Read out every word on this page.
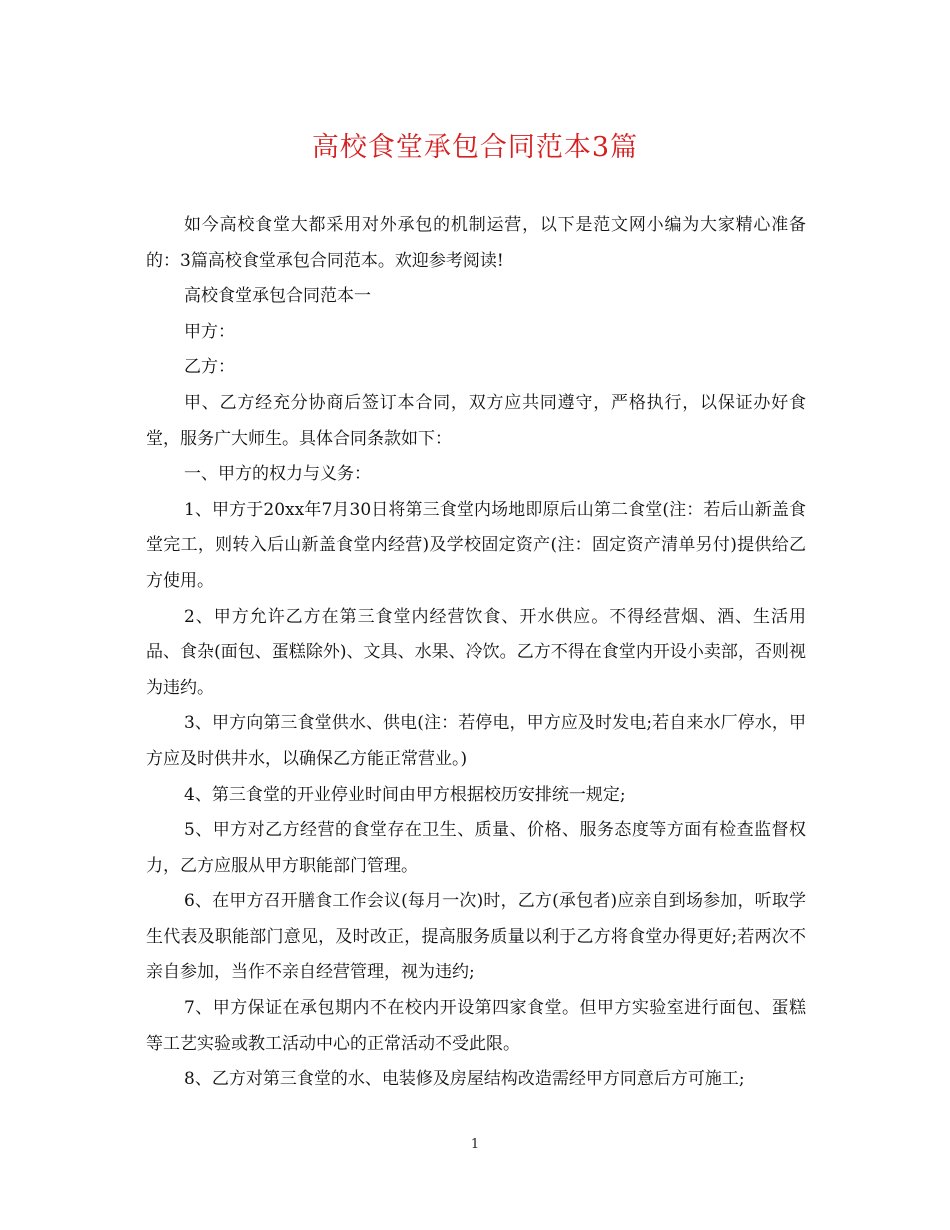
高校食堂承包合同范本3篇

如今高校食堂大都采用对外承包的机制运营，以下是范文网小编为大家精心准备的：3篇高校食堂承包合同范本。欢迎参考阅读!

高校食堂承包合同范本一

甲方：

乙方：

甲、乙方经充分协商后签订本合同，双方应共同遵守，严格执行，以保证办好食堂，服务广大师生。具体合同条款如下：

一、甲方的权力与义务：

1、甲方于20xx年7月30日将第三食堂内场地即原后山第二食堂(注：若后山新盖食堂完工，则转入后山新盖食堂内经营)及学校固定资产(注：固定资产清单另付)提供给乙方使用。

2、甲方允许乙方在第三食堂内经营饮食、开水供应。不得经营烟、酒、生活用品、食杂(面包、蛋糕除外)、文具、水果、冷饮。乙方不得在食堂内开设小卖部，否则视为违约。

3、甲方向第三食堂供水、供电(注：若停电，甲方应及时发电;若自来水厂停水，甲方应及时供井水，以确保乙方能正常营业。)

4、第三食堂的开业停业时间由甲方根据校历安排统一规定;

5、甲方对乙方经营的食堂存在卫生、质量、价格、服务态度等方面有检查监督权力，乙方应服从甲方职能部门管理。

6、在甲方召开膳食工作会议(每月一次)时，乙方(承包者)应亲自到场参加，听取学生代表及职能部门意见，及时改正，提高服务质量以利于乙方将食堂办得更好;若两次不亲自参加，当作不亲自经营管理，视为违约;

7、甲方保证在承包期内不在校内开设第四家食堂。但甲方实验室进行面包、蛋糕等工艺实验或教工活动中心的正常活动不受此限。

8、乙方对第三食堂的水、电装修及房屋结构改造需经甲方同意后方可施工;

1
